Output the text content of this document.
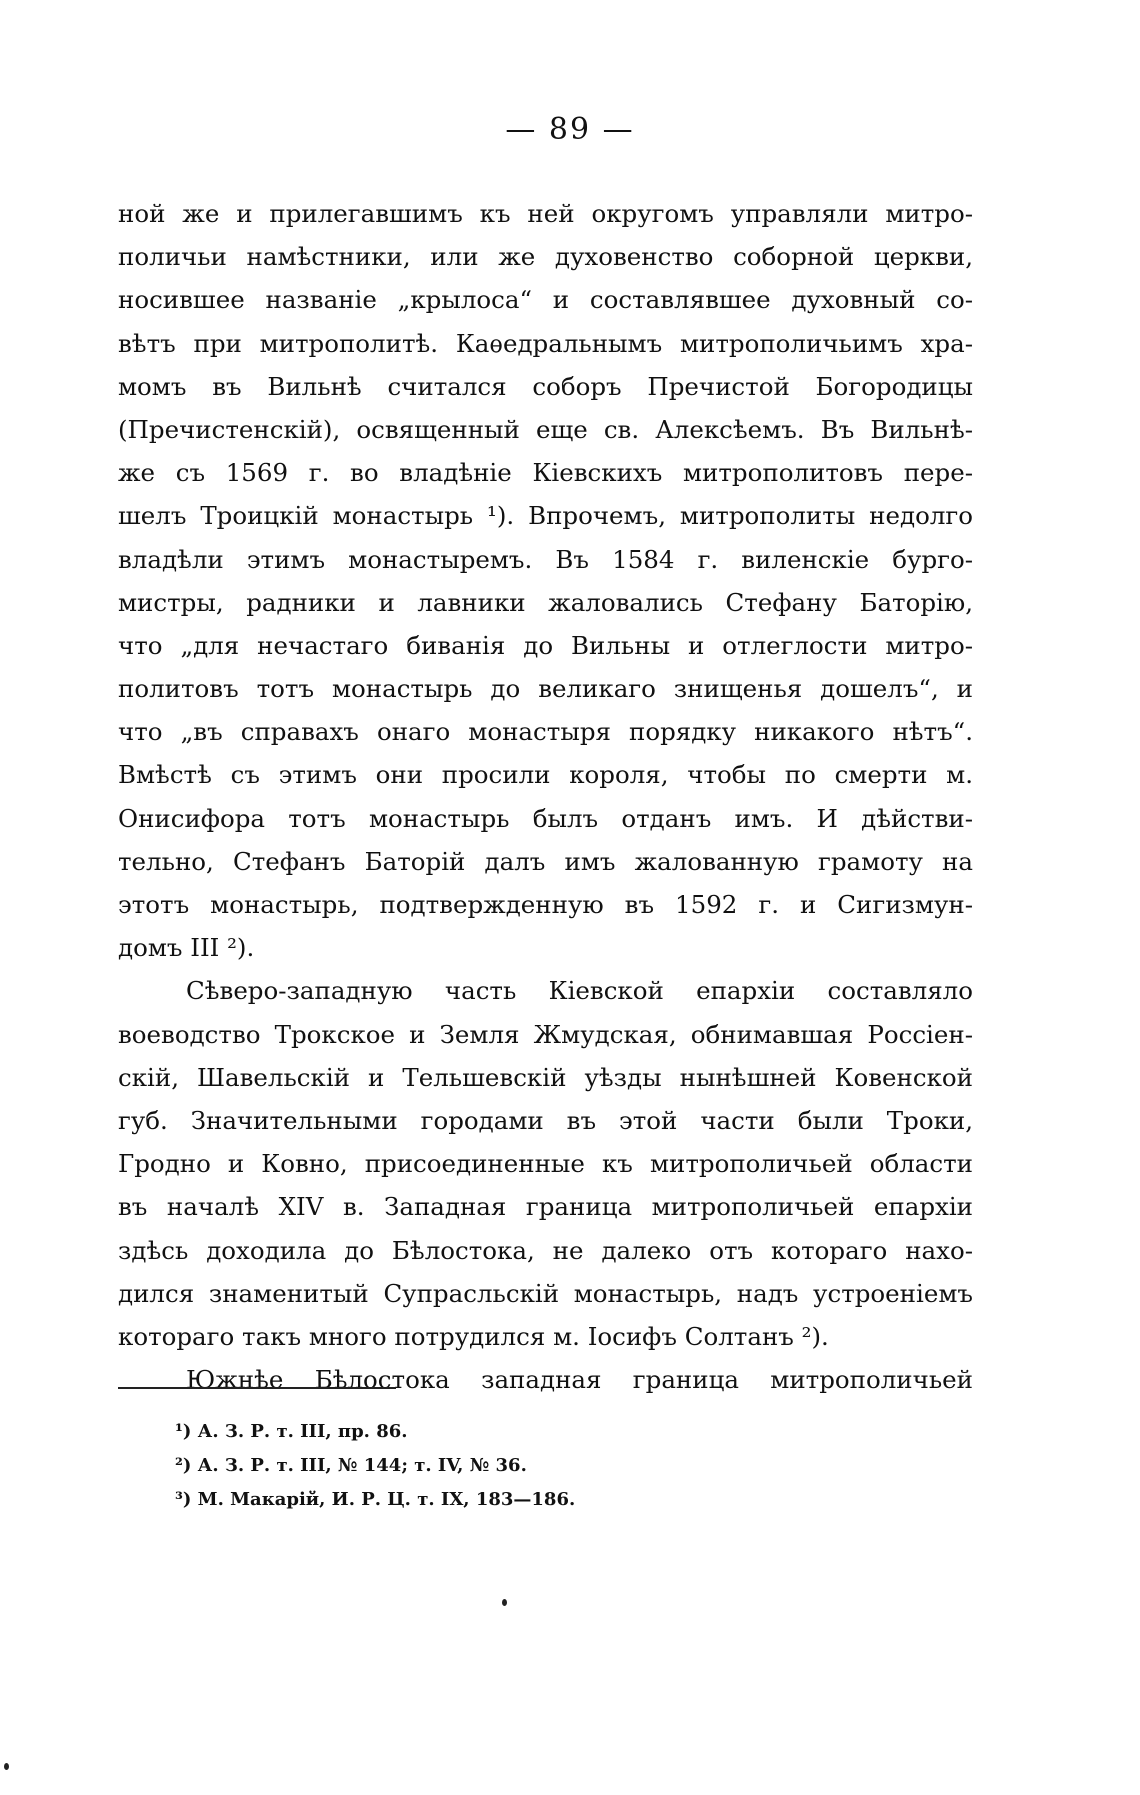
— 89 —
ной же и прилегавшимъ къ ней округомъ управляли митро-
поличьи намѣстники, или же духовенство соборной церкви,
носившее названіе „крылоса“ и составлявшее духовный со-
вѣтъ при митрополитѣ. Каѳедральнымъ митрополичьимъ хра-
момъ въ Вильнѣ считался соборъ Пречистой Богородицы
(Пречистенскій), освященный еще св. Алексѣемъ. Въ Вильнѣ-
же съ 1569 г. во владѣніе Кіевскихъ митрополитовъ пере-
шелъ Троицкій монастырь ¹). Впрочемъ, митрополиты недолго
владѣли этимъ монастыремъ. Въ 1584 г. виленскіе бурго-
мистры, радники и лавники жаловались Стефану Баторію,
что „для нечастаго биванія до Вильны и отлеглости митро-
политовъ тотъ монастырь до великаго знищенья дошелъ“, и
что „въ справахъ онаго монастыря порядку никакого нѣтъ“.
Вмѣстѣ съ этимъ они просили короля, чтобы по смерти м.
Онисифора тотъ монастырь былъ отданъ имъ. И дѣйстви-
тельно, Стефанъ Баторій далъ имъ жалованную грамоту на
этотъ монастырь, подтвержденную въ 1592 г. и Сигизмун-
домъ III ²).
Сѣверо-западную часть Кіевской епархіи составляло
воеводство Трокское и Земля Жмудская, обнимавшая Россіен-
скій, Шавельскій и Тельшевскій уѣзды нынѣшней Ковенской
губ. Значительными городами въ этой части были Троки,
Гродно и Ковно, присоединенные къ митрополичьей области
въ началѣ XIV в. Западная граница митрополичьей епархіи
здѣсь доходила до Бѣлостока, не далеко отъ котораго нахо-
дился знаменитый Супрасльскій монастырь, надъ устроеніемъ
котораго такъ много потрудился м. Іосифъ Солтанъ ²).
Южнѣе Бѣлостока западная граница митрополичьей
¹) А. З. Р. т. III, пр. 86.
²) А. З. Р. т. III, № 144; т. IV, № 36.
³) М. Макарій, И. Р. Ц. т. IX, 183—186.
